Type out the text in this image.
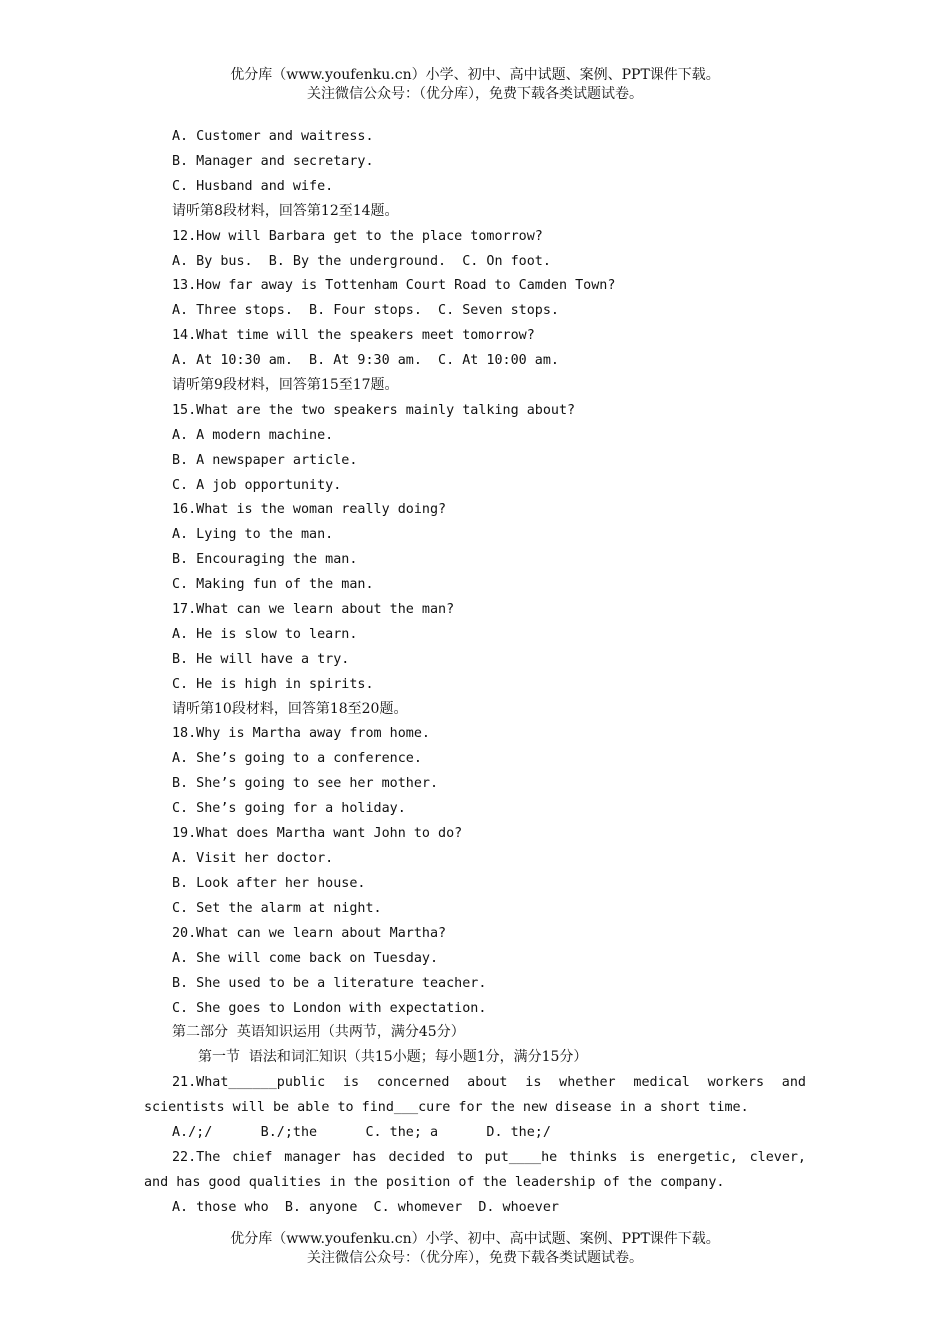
优分库（www.youfenku.cn）小学、初中、高中试题、案例、PPT课件下载。
关注微信公众号：（优分库），免费下载各类试题试卷。
A. Customer and waitress.
B. Manager and secretary.
C. Husband and wife.
请听第8段材料，回答第12至14题。
12.How will Barbara get to the place tomorrow?
A. By bus.  B. By the underground.  C. On foot.
13.How far away is Tottenham Court Road to Camden Town?
A. Three stops.  B. Four stops.  C. Seven stops.
14.What time will the speakers meet tomorrow?
A. At 10:30 am.  B. At 9:30 am.  C. At 10:00 am.
请听第9段材料，回答第15至17题。
15.What are the two speakers mainly talking about?
A. A modern machine.
B. A newspaper article.
C. A job opportunity.
16.What is the woman really doing?
A. Lying to the man.
B. Encouraging the man.
C. Making fun of the man.
17.What can we learn about the man?
A. He is slow to learn.
B. He will have a try.
C. He is high in spirits.
请听第10段材料，回答第18至20题。
18.Why is Martha away from home.
A. She’s going to a conference.
B. She’s going to see her mother.
C. She’s going for a holiday.
19.What does Martha want John to do?
A. Visit her doctor.
B. Look after her house.
C. Set the alarm at night.
20.What can we learn about Martha?
A. She will come back on Tuesday.
B. She used to be a literature teacher.
C. She goes to London with expectation.
第二部分  英语知识运用（共两节，满分45分）
第一节  语法和词汇知识（共15小题；每小题1分，满分15分）
21.What______public is concerned about is whether medical workers and
scientists will be able to find___cure for the new disease in a short time.
A./;/      B./;the      C. the; a      D. the;/
22.The chief manager has decided to put____he thinks is energetic, clever,
and has good qualities in the position of the leadership of the company.
A. those who  B. anyone  C. whomever  D. whoever
优分库（www.youfenku.cn）小学、初中、高中试题、案例、PPT课件下载。
关注微信公众号：（优分库），免费下载各类试题试卷。
